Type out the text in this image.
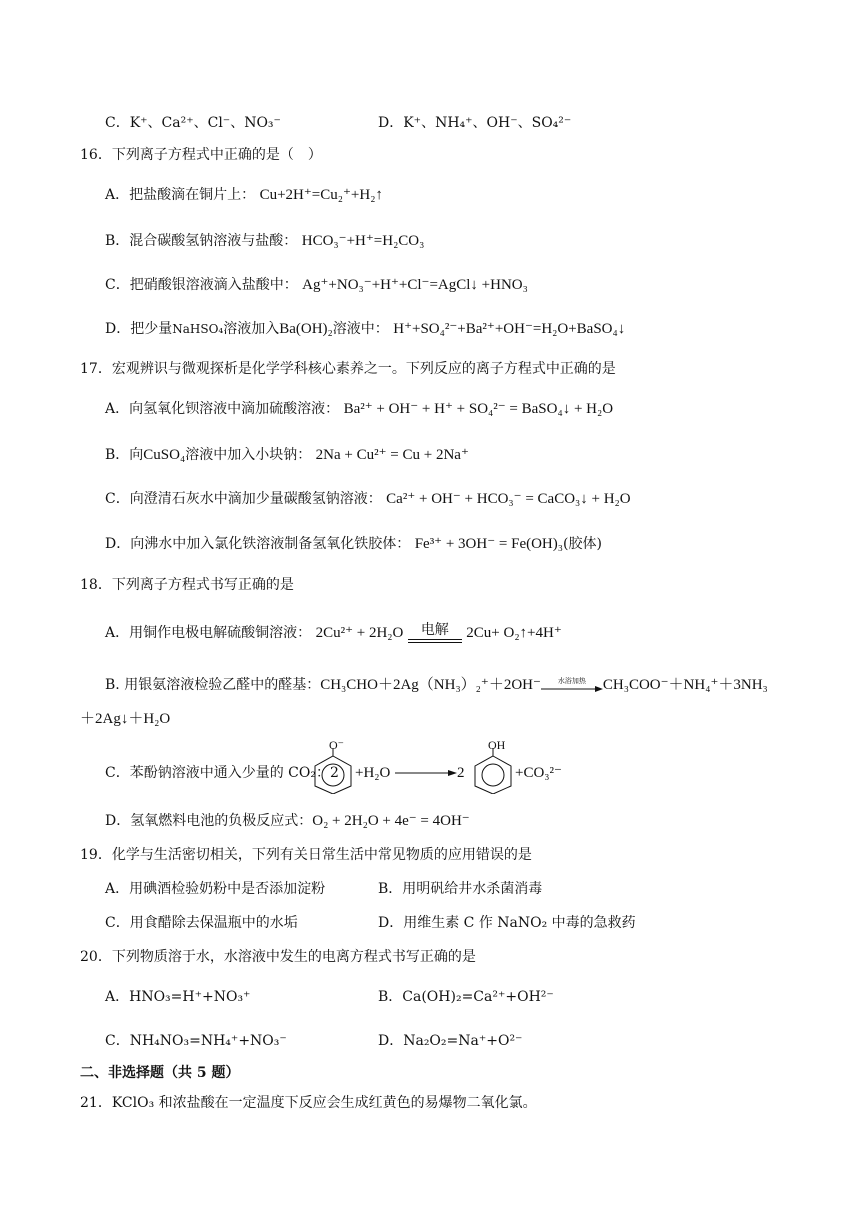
C．K⁺、Ca²⁺、Cl⁻、NO₃⁻	D．K⁺、NH₄⁺、OH⁻、SO₄²⁻
16．下列离子方程式中正确的是（　）
A．把盐酸滴在铜片上： Cu+2H⁺=Cu₂⁺+H₂↑
B．混合碳酸氢钠溶液与盐酸： HCO₃⁻+H⁺=H₂CO₃
C．把硝酸银溶液滴入盐酸中： Ag⁺+NO₃⁻+H⁺+Cl⁻=AgCl↓ +HNO₃
D．把少量NaHSO₄溶液加入Ba(OH)₂溶液中： H⁺+SO₄²⁻+Ba²⁺+OH⁻=H₂O+BaSO₄↓
17．宏观辨识与微观探析是化学学科核心素养之一。下列反应的离子方程式中正确的是
A．向氢氧化钡溶液中滴加硫酸溶液： Ba²⁺ + OH⁻ + H⁺ + SO₄²⁻ = BaSO₄↓ + H₂O
B．向CuSO₄溶液中加入小块钠： 2Na + Cu²⁺ = Cu + 2Na⁺
C．向澄清石灰水中滴加少量碳酸氢钠溶液： Ca²⁺ + OH⁻ + HCO₃⁻ = CaCO₃↓ + H₂O
D．向沸水中加入氯化铁溶液制备氢氧化铁胶体： Fe³⁺ + 3OH⁻ = Fe(OH)₃(胶体)
18．下列离子方程式书写正确的是
A．用铜作电极电解硫酸铜溶液： 2Cu²⁺ + 2H₂O	电解	2Cu+ O₂↑+4H⁺
B. 用银氨溶液检验乙醛中的醛基：CH₃CHO＋2Ag（NH₃）₂⁺＋2OH⁻	水浴加热	CH₃COO⁻＋NH₄⁺＋3NH₃
＋2Ag↓＋H₂O
C．苯酚钠溶液中通入少量的 CO₂：2
O⁻
+H₂O	2
OH
+CO₃²⁻
D．氢氧燃料电池的负极反应式：O₂ + 2H₂O + 4e⁻ = 4OH⁻
19．化学与生活密切相关，下列有关日常生活中常见物质的应用错误的是
A．用碘酒检验奶粉中是否添加淀粉	B．用明矾给井水杀菌消毒
C．用食醋除去保温瓶中的水垢	D．用维生素 C 作 NaNO₂ 中毒的急救药
20．下列物质溶于水，水溶液中发生的电离方程式书写正确的是
A．HNO₃=H⁺+NO₃⁺	B．Ca(OH)₂=Ca²⁺+OH²⁻
C．NH₄NO₃=NH₄⁺+NO₃⁻	D．Na₂O₂=Na⁺+O²⁻
二、非选择题（共 5 题）
21．KClO₃ 和浓盐酸在一定温度下反应会生成红黄色的易爆物二氧化氯。
